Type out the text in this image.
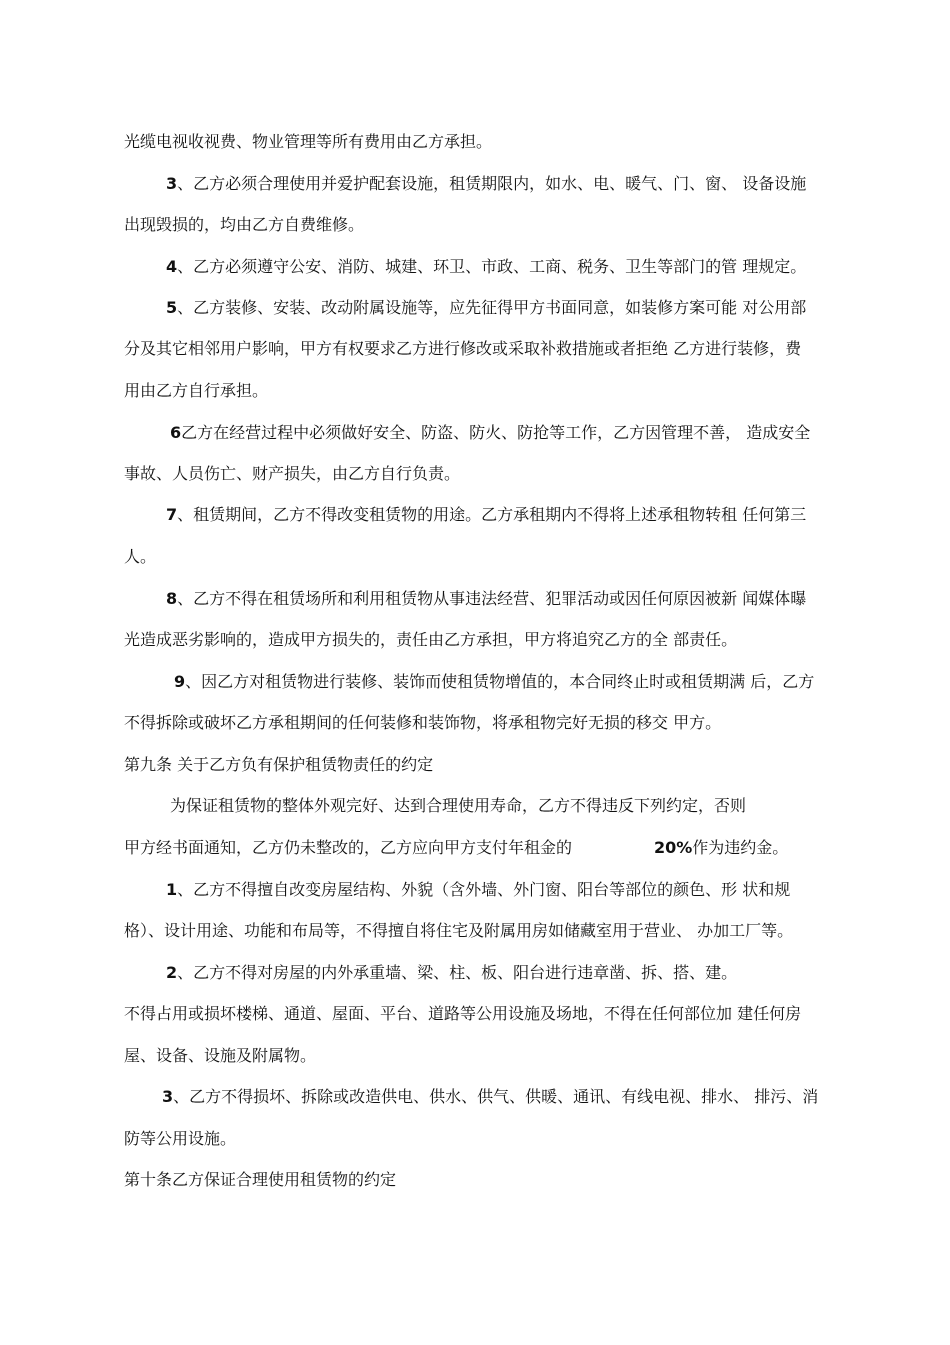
光缆电视收视费、物业管理等所有费用由乙方承担。
3、乙方必须合理使用并爱护配套设施，租赁期限内，如水、电、暖气、门、窗、 设备设施
出现毁损的，均由乙方自费维修。
4、乙方必须遵守公安、消防、城建、环卫、市政、工商、税务、卫生等部门的管 理规定。
5、乙方装修、安装、改动附属设施等，应先征得甲方书面同意，如装修方案可能 对公用部
分及其它相邻用户影响，甲方有权要求乙方进行修改或采取补救措施或者拒绝 乙方进行装修，费
用由乙方自行承担。
6乙方在经营过程中必须做好安全、防盗、防火、防抢等工作，乙方因管理不善， 造成安全
事故、人员伤亡、财产损失，由乙方自行负责。
7、租赁期间，乙方不得改变租赁物的用途。乙方承租期内不得将上述承租物转租 任何第三
人。
8、乙方不得在租赁场所和利用租赁物从事违法经营、犯罪活动或因任何原因被新 闻媒体曝
光造成恶劣影响的，造成甲方损失的，责任由乙方承担，甲方将追究乙方的全 部责任。
9、因乙方对租赁物进行装修、装饰而使租赁物增值的，本合同终止时或租赁期满 后，乙方
不得拆除或破坏乙方承租期间的任何装修和装饰物，将承租物完好无损的移交 甲方。
第九条 关于乙方负有保护租赁物责任的约定
为保证租赁物的整体外观完好、达到合理使用寿命，乙方不得违反下列约定，否则
甲方经书面通知，乙方仍未整改的，乙方应向甲方支付年租金的	20%作为违约金。
1、乙方不得擅自改变房屋结构、外貌（含外墙、外门窗、阳台等部位的颜色、形 状和规
格）、设计用途、功能和布局等，不得擅自将住宅及附属用房如储藏室用于营业、 办加工厂等。
2、乙方不得对房屋的内外承重墙、梁、柱、板、阳台进行违章凿、拆、搭、建。
不得占用或损坏楼梯、通道、屋面、平台、道路等公用设施及场地，不得在任何部位加 建任何房
屋、设备、设施及附属物。
3、乙方不得损坏、拆除或改造供电、供水、供气、供暖、通讯、有线电视、排水、 排污、消
防等公用设施。
第十条乙方保证合理使用租赁物的约定
